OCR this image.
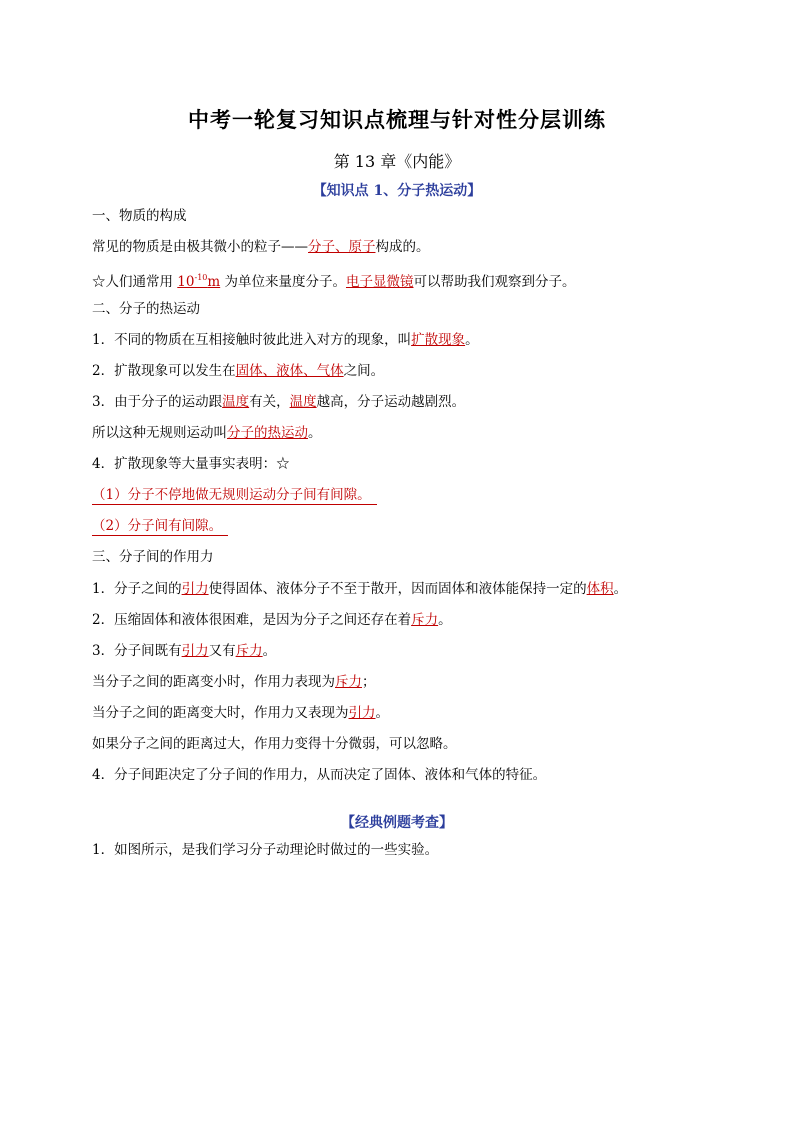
中考一轮复习知识点梳理与针对性分层训练
第 13 章《内能》
【知识点 1、分子热运动】
一、物质的构成
常见的物质是由极其微小的粒子——分子、原子构成的。
☆人们通常用 $10^{-10}m$ 为单位来量度分子。电子显微镜可以帮助我们观察到分子。
二、分子的热运动
1．不同的物质在互相接触时彼此进入对方的现象，叫扩散现象。
2．扩散现象可以发生在固体、液体、气体之间。
3．由于分子的运动跟温度有关，温度越高，分子运动越剧烈。
所以这种无规则运动叫分子的热运动。
4．扩散现象等大量事实表明：☆
（1）分子不停地做无规则运动分子间有间隙。
（2）分子间有间隙。
三、分子间的作用力
1．分子之间的引力使得固体、液体分子不至于散开，因而固体和液体能保持一定的体积。
2．压缩固体和液体很困难，是因为分子之间还存在着斥力。
3．分子间既有引力又有斥力。
当分子之间的距离变小时，作用力表现为斥力；
当分子之间的距离变大时，作用力又表现为引力。
如果分子之间的距离过大，作用力变得十分微弱，可以忽略。
4．分子间距决定了分子间的作用力，从而决定了固体、液体和气体的特征。
【经典例题考查】
1．如图所示，是我们学习分子动理论时做过的一些实验。
